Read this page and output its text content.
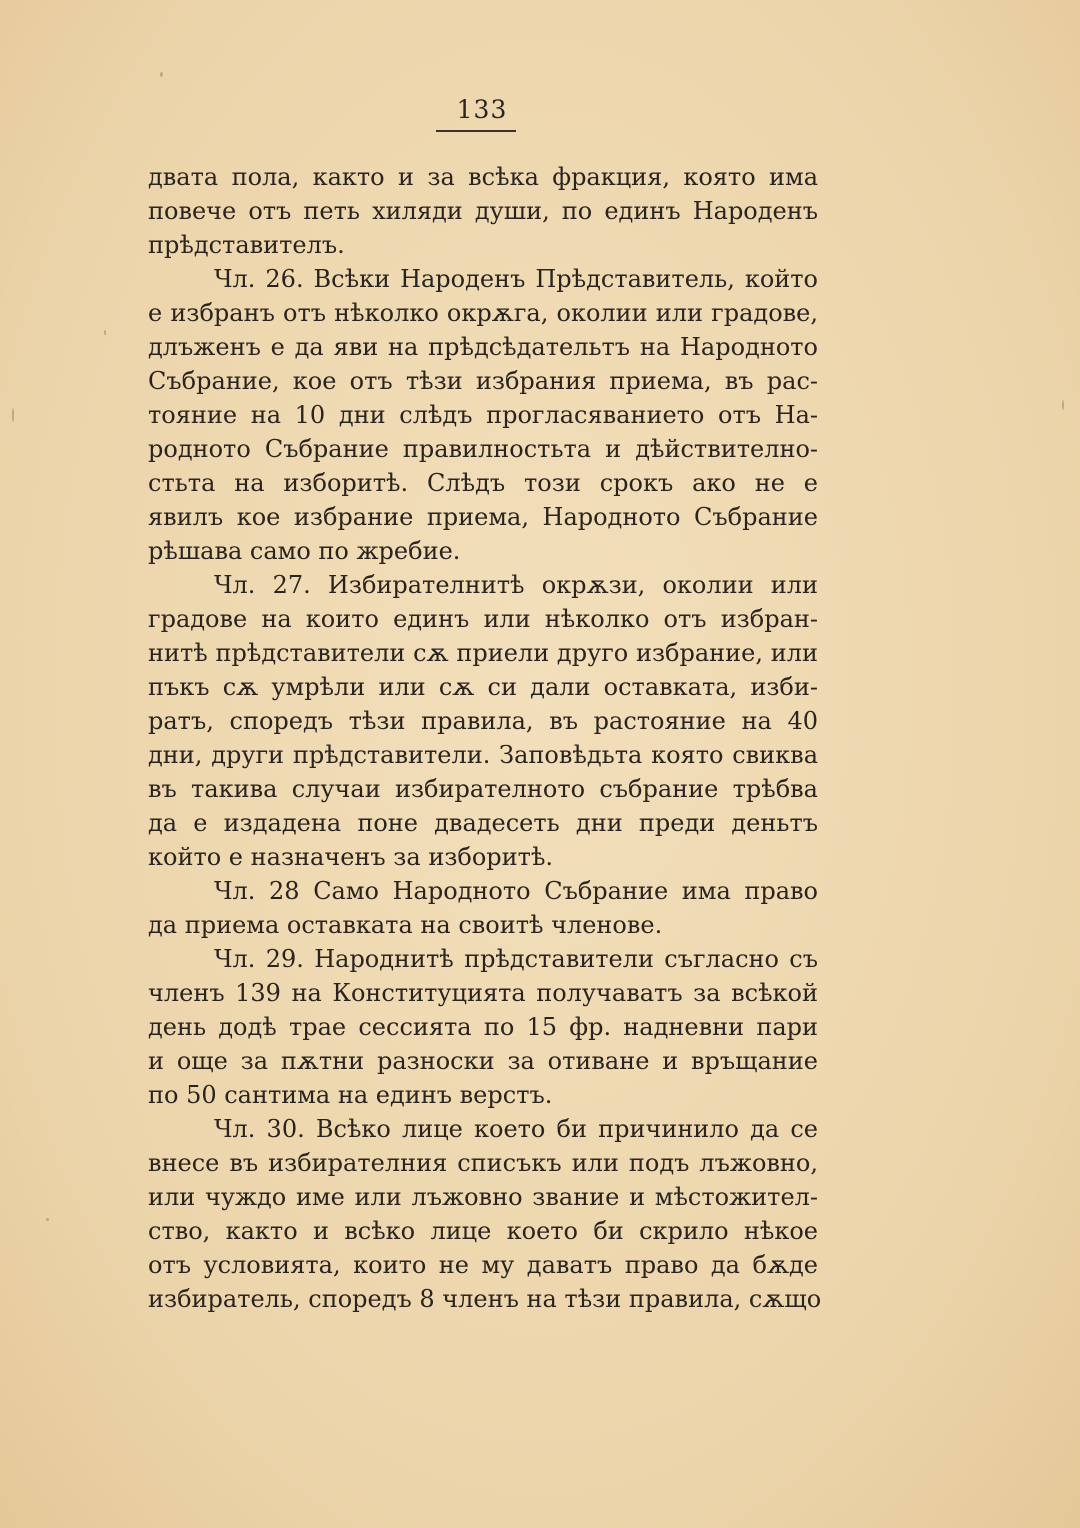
133
двата пола, както и за всѣка фракция, която има
повече отъ петь хиляди души, по единъ Народенъ
прѣдставителъ.
Чл. 26. Всѣки Народенъ Прѣдставитель, който
е избранъ отъ нѣколко окрѫга, околии или градове,
длъженъ е да яви на прѣдсѣдательтъ на Народното
Събрание, кое отъ тѣзи избрания приема, въ рас-
тояние на 10 дни слѣдъ прогласяванието отъ На-
родното Събрание правилностьта и дѣйствително-
стьта на изборитѣ. Слѣдъ този срокъ ако не е
явилъ кое избрание приема, Народното Събрание
рѣшава само по жребие.
Чл. 27. Избирателнитѣ окрѫзи, околии или
градове на които единъ или нѣколко отъ избран-
нитѣ прѣдставители сѫ приели друго избрание, или
пъкъ сѫ умрѣли или сѫ си дали оставката, изби-
ратъ, споредъ тѣзи правила, въ растояние на 40
дни, други прѣдставители. Заповѣдьта която свиква
въ такива случаи избирателното събрание трѣбва
да е издадена поне двадесеть дни преди деньтъ
който е назначенъ за изборитѣ.
Чл. 28 Само Народното Събрание има право
да приема оставката на своитѣ членове.
Чл. 29. Народнитѣ прѣдставители съгласно съ
членъ 139 на Конституцията получаватъ за всѣкой
день додѣ трае сессията по 15 фр. надневни пари
и още за пѫтни разноски за отиване и връщание
по 50 сантима на единъ верстъ.
Чл. 30. Всѣко лице което би причинило да се
внесе въ избирателния списъкъ или подъ лъжовно,
или чуждо име или лъжовно звание и мѣстожител-
ство, както и всѣко лице което би скрило нѣкое
отъ условията, които не му даватъ право да бѫде
избиратель, споредъ 8 членъ на тѣзи правила, сѫщо
